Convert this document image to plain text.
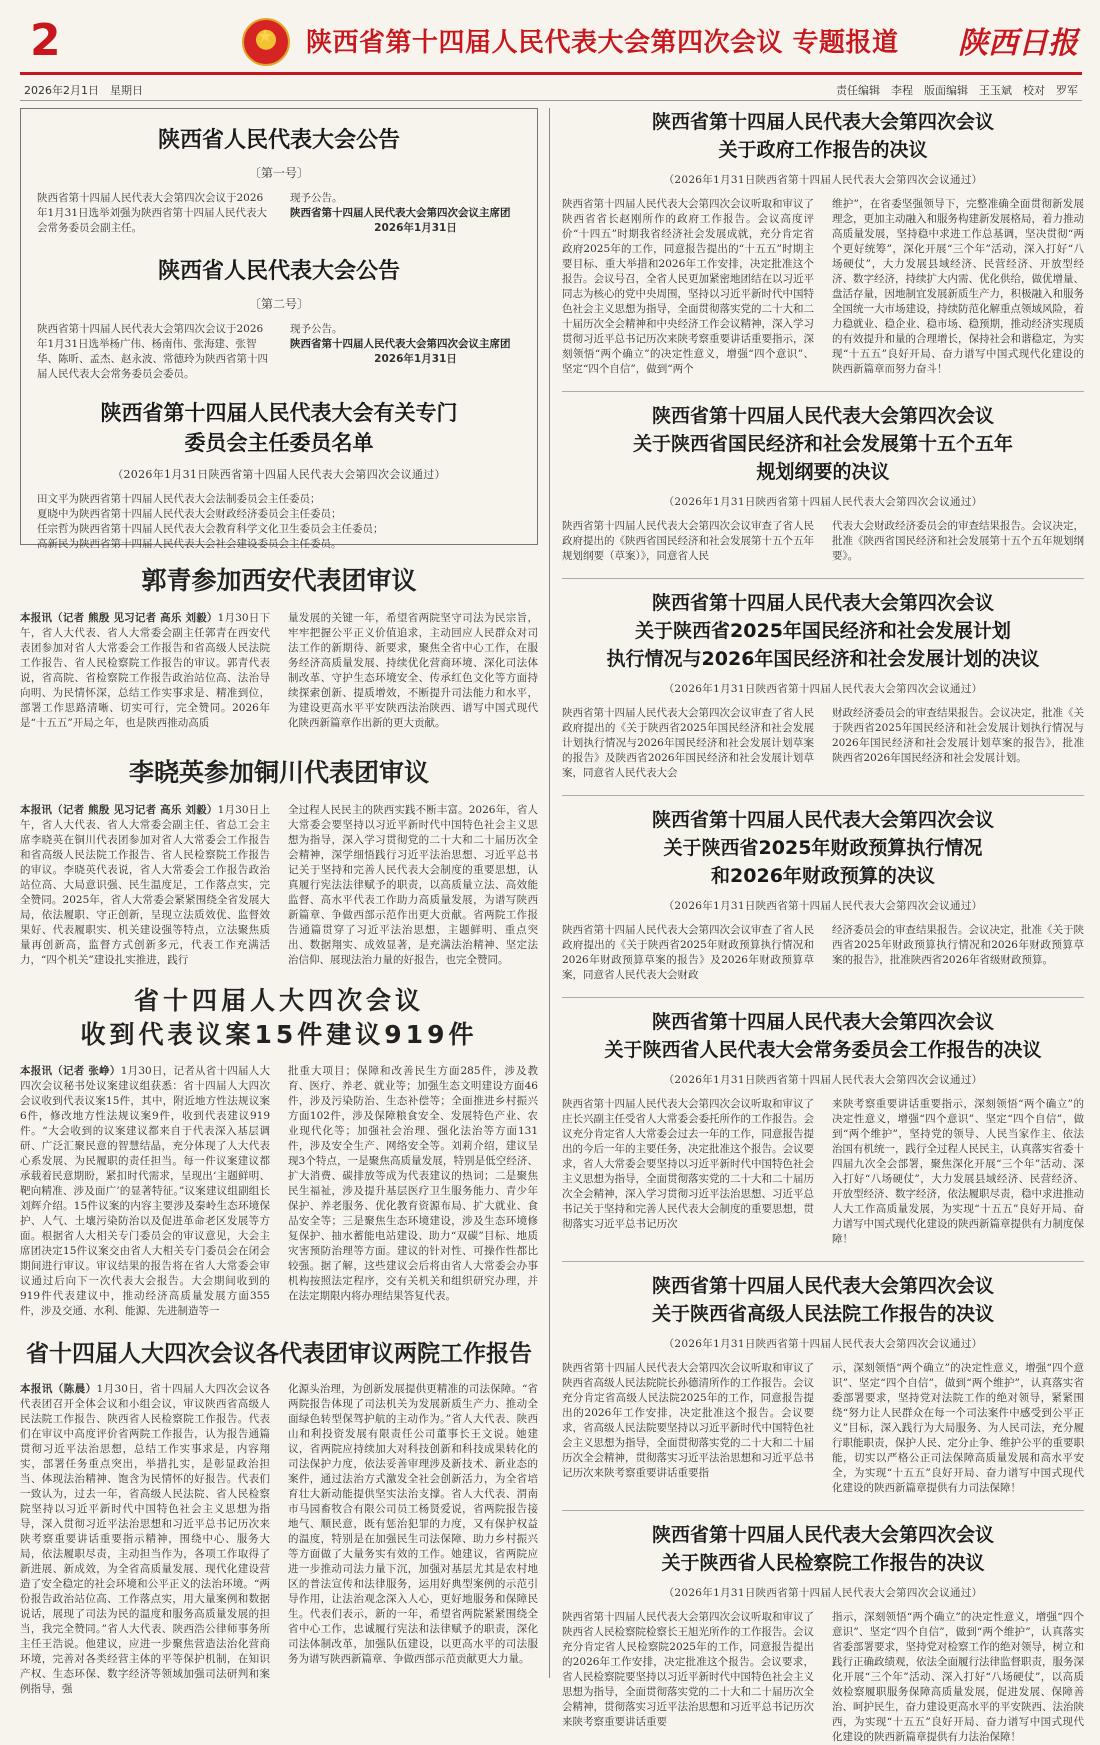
2
★	陕西省第十四届人民代表大会第四次会议 专题报道 陕西日报
2026年2月1日　星期日	责任编辑　李程　版面编辑　王玉斌　校对　罗军
陕西省人民代表大会公告
〔第一号〕
陕西省第十四届人民代表大会第四次会议于2026年1月31日选举刘强为陕西省第十四届人民代表大会常务委员会副主任。
现予公告。
陕西省第十四届人民代表大会第四次会议主席团
2026年1月31日
陕西省人民代表大会公告
〔第二号〕
陕西省第十四届人民代表大会第四次会议于2026年1月31日选举杨广伟、杨南伟、张海建、张智华、陈昕、孟杰、赵永波、常德玲为陕西省第十四届人民代表大会常务委员会委员。
现予公告。
陕西省第十四届人民代表大会第四次会议主席团
2026年1月31日
陕西省第十四届人民代表大会有关专门
委员会主任委员名单
（2026年1月31日陕西省第十四届人民代表大会第四次会议通过）
田文平为陕西省第十四届人民代表大会法制委员会主任委员；
夏晓中为陕西省第十四届人民代表大会财政经济委员会主任委员；
任宗哲为陕西省第十四届人民代表大会教育科学文化卫生委员会主任委员；
高新民为陕西省第十四届人民代表大会社会建设委员会主任委员。
郭青参加西安代表团审议
本报讯（记者 熊殷 见习记者 高乐 刘毅）1月30日下午，省人大代表、省人大常委会副主任郭青在西安代表团参加对省人大常委会工作报告和省高级人民法院工作报告、省人民检察院工作报告的审议。郭青代表说，省高院、省检察院工作报告政治站位高、法治导向明、为民情怀深，总结工作实事求是、精准到位，部署工作思路清晰、切实可行，完全赞同。2026年是“十五五”开局之年，也是陕西推动高质
量发展的关键一年，希望省两院坚守司法为民宗旨，牢牢把握公平正义价值追求，主动回应人民群众对司法工作的新期待、新要求，聚焦全省中心工作，在服务经济高质量发展、持续优化营商环境、深化司法体制改革、守护生态环境安全、传承红色文化等方面持续探索创新、提质增效，不断提升司法能力和水平，为建设更高水平平安陕西法治陕西、谱写中国式现代化陕西新篇章作出新的更大贡献。
李晓英参加铜川代表团审议
本报讯（记者 熊殷 见习记者 高乐 刘毅）1月30日上午，省人大代表、省人大常委会副主任、省总工会主席李晓英在铜川代表团参加对省人大常委会工作报告和省高级人民法院工作报告、省人民检察院工作报告的审议。李晓英代表说，省人大常委会工作报告政治站位高、大局意识强、民生温度足，工作落点实，完全赞同。2025年，省人大常委会紧紧围绕全省发展大局，依法履职、守正创新，呈现立法质效优、监督效果好、代表履职实、机关建设强等特点，立法聚焦质量再创新高，监督方式创新多元，代表工作充满活力，“四个机关”建设扎实推进，践行
全过程人民民主的陕西实践不断丰富。2026年，省人大常委会要坚持以习近平新时代中国特色社会主义思想为指导，深入学习贯彻党的二十大和二十届历次全会精神，深学细悟践行习近平法治思想、习近平总书记关于坚持和完善人民代表大会制度的重要思想，认真履行宪法法律赋予的职责，以高质量立法、高效能监督、高水平代表工作助力高质量发展，为谱写陕西新篇章、争做西部示范作出更大贡献。省两院工作报告通篇贯穿了习近平法治思想，主题鲜明、重点突出、数据翔实、成效显著，是充满法治精神、坚定法治信仰、展现法治力量的好报告，也完全赞同。
省十四届人大四次会议
收到代表议案15件建议919件
本报讯（记者 张峥）1月30日，记者从省十四届人大四次会议秘书处议案建议组获悉：省十四届人大四次会议收到代表议案15件，其中，附近地方性法规议案6件，修改地方性法规议案9件，收到代表建议919件。“大会收到的议案建议都来自于代表深入基层调研、广泛汇聚民意的智慧结晶，充分体现了人大代表心系发展、为民履职的责任担当。每一件议案建议都承载着民意期盼，紧扣时代需求，呈现出‘主题鲜明、靶向精准、涉及面广’的显著特征。”议案建议组副组长刘辉介绍。15件议案的内容主要涉及秦岭生态环境保护、人气、土壤污染防治以及促进革命老区发展等方面。根据省人大相关专门委员会的审议意见，大会主席团决定15件议案交由省人大相关专门委员会在闭会期间进行审议。审议结果的报告将在省人大常委会审议通过后向下一次代表大会报告。大会期间收到的919件代表建议中，推动经济高质量发展方面355件，涉及交通、水利、能源、先进制造等一
批重大项目；保障和改善民生方面285件，涉及教育、医疗、养老、就业等；加强生态文明建设方面46件，涉及污染防治、生态补偿等；全面推进乡村振兴方面102件，涉及保障粮食安全、发展特色产业、农业现代化等；加强社会治理、强化法治等方面131件，涉及安全生产、网络安全等。刘莉介绍，建议呈现3个特点，一是聚焦高质量发展，特别是低空经济、扩大消费、碳排放等成为代表建议的热词；二是聚焦民生福祉，涉及提升基层医疗卫生服务能力、青少年保护、养老服务、优化教育资源布局、扩大就业、食品安全等；三是聚焦生态环境建设，涉及生态环境修复保护、抽水蓄能电站建设、助力“双碳”目标、地质灾害预防治理等方面。建议的针对性、可操作性都比较强。据了解，这些建议会后将由省人大常委会办事机构按照法定程序，交有关机关和组织研究办理，并在法定期限内将办理结果答复代表。
省十四届人大四次会议各代表团审议两院工作报告
本报讯（陈晨）1月30日，省十四届人大四次会议各代表团召开全体会议和小组会议，审议陕西省高级人民法院工作报告、陕西省人民检察院工作报告。代表们在审议中高度评价省两院工作报告，认为报告通篇贯彻习近平法治思想，总结工作实事求是，内容翔实，部署任务重点突出，举措扎实，是彰显政治担当、体现法治精神、饱含为民情怀的好报告。代表们一致认为，过去一年，省高级人民法院、省人民检察院坚持以习近平新时代中国特色社会主义思想为指导，深入贯彻习近平法治思想和习近平总书记历次来陕考察重要讲话重要指示精神，围绕中心、服务大局，依法履职尽责，主动担当作为，各项工作取得了新进展、新成效，为全省高质量发展、现代化建设营造了安全稳定的社会环境和公平正义的法治环境。“两份报告政治站位高、工作落点实，用大量案例和数据说话，展现了司法为民的温度和服务高质量发展的担当，我完全赞同。”省人大代表、陕西浩公律师事务所主任王浩说。他建议，应进一步聚焦营造法治化营商环境，完善对各类经营主体的平等保护机制，在知识产权、生态环保、数字经济等领域加强司法研判和案例指导，强
化源头治理，为创新发展提供更精准的司法保障。“省两院报告体现了司法机关为发展新质生产力、推动全面绿色转型保驾护航的主动作为。”省人大代表、陕西山和利投资发展有限责任公司董事长王文说。她建议，省两院应持续加大对科技创新和科技成果转化的司法保护力度，依法妥善审理涉及新技术、新业态的案件，通过法治方式激发全社会创新活力，为全省培育壮大新动能提供坚实法治支撑。省人大代表、渭南市马园畜牧合有限公司员工杨贤爱说，省两院报告接地气、顺民意，既有惩治犯罪的力度，又有保护权益的温度，特别是在加强民生司法保障、助力乡村振兴等方面做了大量务实有效的工作。她建议，省两院应进一步推动司法力量下沉，加强对基层尤其是农村地区的普法宣传和法律服务，运用好典型案例的示范引导作用，让法治观念深入人心，更好地服务和保障民生。代表们表示，新的一年，希望省两院紧紧围绕全省中心工作，忠诚履行宪法和法律赋予的职责，深化司法体制改革，加强队伍建设，以更高水平的司法服务为谱写陕西新篇章、争做西部示范贡献更大力量。
陕西省第十四届人民代表大会第四次会议
关于政府工作报告的决议
（2026年1月31日陕西省第十四届人民代表大会第四次会议通过）
陕西省第十四届人民代表大会第四次会议听取和审议了陕西省省长赵刚所作的政府工作报告。会议高度评价“十四五”时期我省经济社会发展成就，充分肯定省政府2025年的工作，同意报告提出的“十五五”时期主要目标、重大举措和2026年工作安排，决定批准这个报告。会议号召，全省人民更加紧密地团结在以习近平同志为核心的党中央周围，坚持以习近平新时代中国特色社会主义思想为指导，全面贯彻落实党的二十大和二十届历次全会精神和中央经济工作会议精神，深入学习贯彻习近平总书记历次来陕考察重要讲话重要指示，深刻领悟“两个确立”的决定性意义，增强“四个意识”、坚定“四个自信”，做到“两个
维护”，在省委坚强领导下，完整准确全面贯彻新发展理念，更加主动融入和服务构建新发展格局，着力推动高质量发展，坚持稳中求进工作总基调，坚决贯彻“两个更好统筹”，深化开展“三个年”活动，深入打好“八场硬仗”，大力发展县域经济、民营经济、开放型经济、数字经济，持续扩大内需、优化供给，做优增量、盘活存量，因地制宜发展新质生产力，积极融入和服务全国统一大市场建设，持续防范化解重点领域风险，着力稳就业、稳企业、稳市场、稳预期，推动经济实现质的有效提升和量的合理增长，保持社会和谐稳定，为实现“十五五”良好开局、奋力谱写中国式现代化建设的陕西新篇章而努力奋斗！
陕西省第十四届人民代表大会第四次会议
关于陕西省国民经济和社会发展第十五个五年
规划纲要的决议
（2026年1月31日陕西省第十四届人民代表大会第四次会议通过）
陕西省第十四届人民代表大会第四次会议审查了省人民政府提出的《陕西省国民经济和社会发展第十五个五年规划纲要（草案）》，同意省人民
代表大会财政经济委员会的审查结果报告。会议决定，批准《陕西省国民经济和社会发展第十五个五年规划纲要》。
陕西省第十四届人民代表大会第四次会议
关于陕西省2025年国民经济和社会发展计划
执行情况与2026年国民经济和社会发展计划的决议
（2026年1月31日陕西省第十四届人民代表大会第四次会议通过）
陕西省第十四届人民代表大会第四次会议审查了省人民政府提出的《关于陕西省2025年国民经济和社会发展计划执行情况与2026年国民经济和社会发展计划草案的报告》及陕西省2026年国民经济和社会发展计划草案，同意省人民代表大会
财政经济委员会的审查结果报告。会议决定，批准《关于陕西省2025年国民经济和社会发展计划执行情况与2026年国民经济和社会发展计划草案的报告》，批准陕西省2026年国民经济和社会发展计划。
陕西省第十四届人民代表大会第四次会议
关于陕西省2025年财政预算执行情况
和2026年财政预算的决议
（2026年1月31日陕西省第十四届人民代表大会第四次会议通过）
陕西省第十四届人民代表大会第四次会议审查了省人民政府提出的《关于陕西省2025年财政预算执行情况和2026年财政预算草案的报告》及2026年财政预算草案，同意省人民代表大会财政
经济委员会的审查结果报告。会议决定，批准《关于陕西省2025年财政预算执行情况和2026年财政预算草案的报告》，批准陕西省2026年省级财政预算。
陕西省第十四届人民代表大会第四次会议
关于陕西省人民代表大会常务委员会工作报告的决议
（2026年1月31日陕西省第十四届人民代表大会第四次会议通过）
陕西省第十四届人民代表大会第四次会议听取和审议了庄长兴副主任受省人大常委会委托所作的工作报告。会议充分肯定省人大常委会过去一年的工作，同意报告提出的今后一年的主要任务，决定批准这个报告。会议要求，省人大常委会要坚持以习近平新时代中国特色社会主义思想为指导，全面贯彻落实党的二十大和二十届历次全会精神，深入学习贯彻习近平法治思想、习近平总书记关于坚持和完善人民代表大会制度的重要思想，贯彻落实习近平总书记历次
来陕考察重要讲话重要指示，深刻领悟“两个确立”的决定性意义，增强“四个意识”、坚定“四个自信”，做到“两个维护”，坚持党的领导、人民当家作主、依法治国有机统一，践行全过程人民民主，认真落实省委十四届九次全会部署，聚焦深化开展“三个年”活动、深入打好“八场硬仗”，大力发展县域经济、民营经济、开放型经济、数字经济，依法履职尽责，稳中求进推动人大工作高质量发展，为实现“十五五”良好开局、奋力谱写中国式现代化建设的陕西新篇章提供有力制度保障！
陕西省第十四届人民代表大会第四次会议
关于陕西省高级人民法院工作报告的决议
（2026年1月31日陕西省第十四届人民代表大会第四次会议通过）
陕西省第十四届人民代表大会第四次会议听取和审议了陕西省高级人民法院院长孙德清所作的工作报告。会议充分肯定省高级人民法院2025年的工作，同意报告提出的2026年工作安排，决定批准这个报告。会议要求，省高级人民法院要坚持以习近平新时代中国特色社会主义思想为指导，全面贯彻落实党的二十大和二十届历次全会精神，贯彻落实习近平法治思想和习近平总书记历次来陕考察重要讲话重要指
示，深刻领悟“两个确立”的决定性意义，增强“四个意识”、坚定“四个自信”，做到“两个维护”，认真落实省委部署要求，坚持党对法院工作的绝对领导，紧紧围绕“努力让人民群众在每一个司法案件中感受到公平正义”目标，深入践行为大局服务、为人民司法，充分履行职能职责，保护人民、定分止争、维护公平的重要职能，切实以严格公正司法保障高质量发展和高水平安全，为实现“十五五”良好开局、奋力谱写中国式现代化建设的陕西新篇章提供有力司法保障！
陕西省第十四届人民代表大会第四次会议
关于陕西省人民检察院工作报告的决议
（2026年1月31日陕西省第十四届人民代表大会第四次会议通过）
陕西省第十四届人民代表大会第四次会议听取和审议了陕西省人民检察院检察长王旭光所作的工作报告。会议充分肯定省人民检察院2025年的工作，同意报告提出的2026年工作安排，决定批准这个报告。会议要求，省人民检察院要坚持以习近平新时代中国特色社会主义思想为指导，全面贯彻落实党的二十大和二十届历次全会精神，贯彻落实习近平法治思想和习近平总书记历次来陕考察重要讲话重要
指示，深刻领悟“两个确立”的决定性意义，增强“四个意识”、坚定“四个自信”，做到“两个维护”，认真落实省委部署要求，坚持党对检察工作的绝对领导，树立和践行正确政绩观，依法全面履行法律监督职责，服务深化开展“三个年”活动、深入打好“八场硬仗”，以高质效检察履职服务保障高质量发展，促进发展、保障善治、呵护民生，奋力建设更高水平的平安陕西、法治陕西，为实现“十五五”良好开局、奋力谱写中国式现代化建设的陕西新篇章提供有力法治保障！
